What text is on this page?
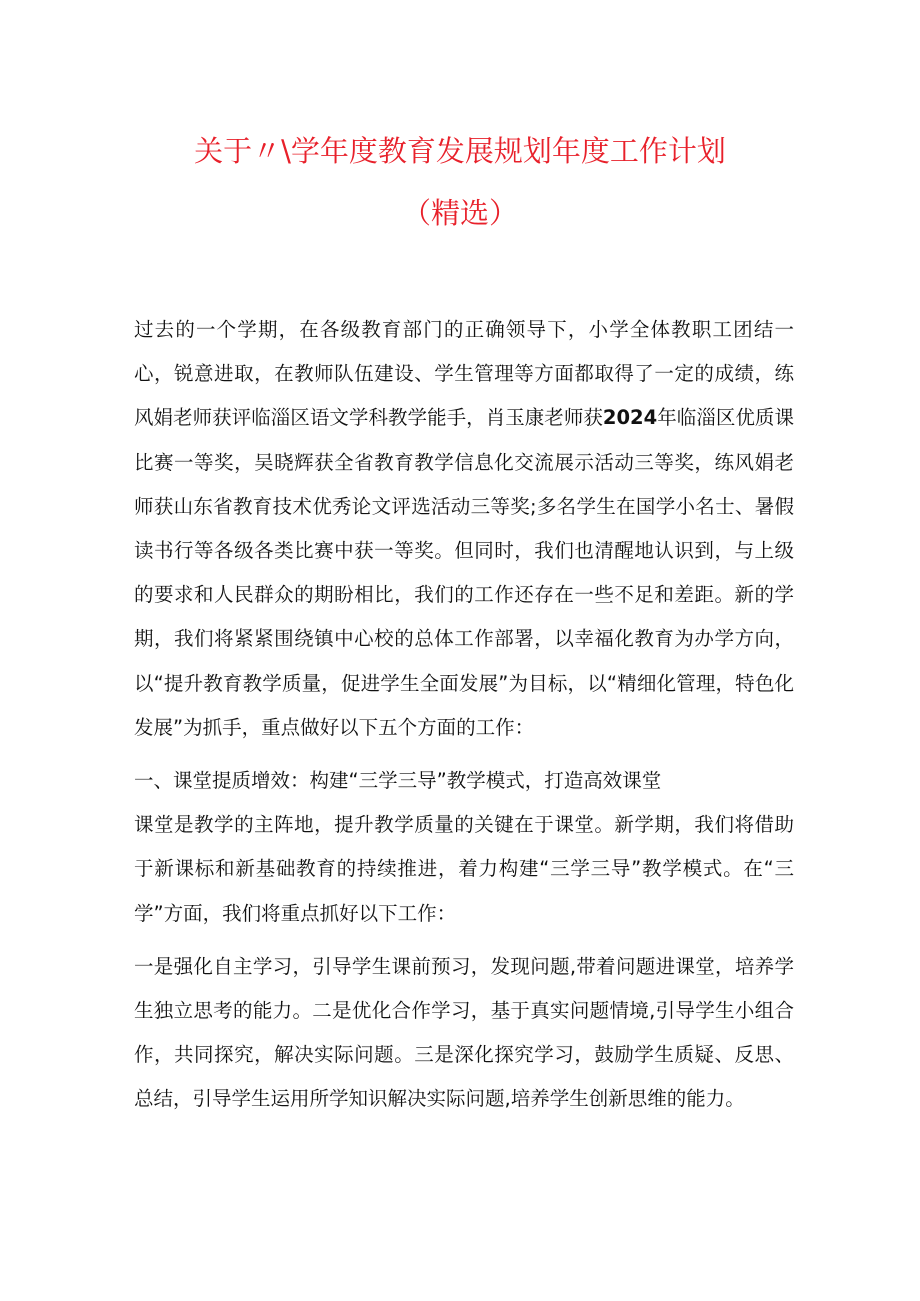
关于〃\学年度教育发展规划年度工作计划
（精选）

过去的一个学期，在各级教育部门的正确领导下，小学全体教职工团结一心，锐意进取，在教师队伍建设、学生管理等方面都取得了一定的成绩，练风娟老师获评临淄区语文学科教学能手，肖玉康老师获2024年临淄区优质课比赛一等奖，吴晓辉获全省教育教学信息化交流展示活动三等奖，练风娟老师获山东省教育技术优秀论文评选活动三等奖;多名学生在国学小名士、暑假读书行等各级各类比赛中获一等奖。但同时，我们也清醒地认识到，与上级的要求和人民群众的期盼相比，我们的工作还存在一些不足和差距。新的学期，我们将紧紧围绕镇中心校的总体工作部署，以幸福化教育为办学方向，以“提升教育教学质量，促进学生全面发展”为目标，以“精细化管理，特色化发展”为抓手，重点做好以下五个方面的工作：

一、课堂提质增效：构建“三学三导”教学模式，打造高效课堂

课堂是教学的主阵地，提升教学质量的关键在于课堂。新学期，我们将借助于新课标和新基础教育的持续推进，着力构建“三学三导”教学模式。在“三学”方面，我们将重点抓好以下工作：

一是强化自主学习，引导学生课前预习，发现问题,带着问题进课堂，培养学生独立思考的能力。二是优化合作学习，基于真实问题情境,引导学生小组合作，共同探究，解决实际问题。三是深化探究学习，鼓励学生质疑、反思、总结，引导学生运用所学知识解决实际问题,培养学生创新思维的能力。
